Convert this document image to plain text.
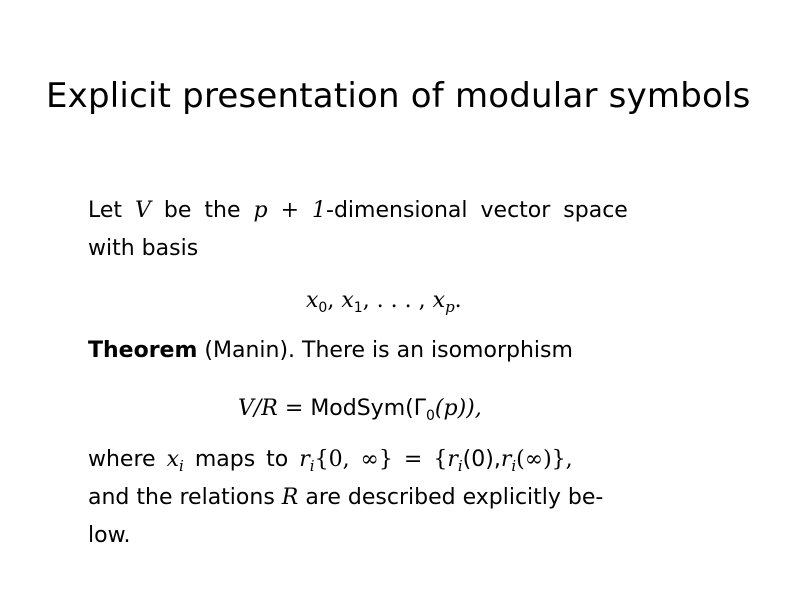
Explicit presentation of modular symbols
Let V be the p + 1-dimensional vector space
with basis
$x_0$, $x_1$, . . . , $x_p$.
Theorem (Manin). There is an isomorphism
$V/R = ModSym(\Gamma_0(p))$,
where $x_i$ maps to $r_i\{0$, ∞} = $\{r_i(0),r_i(\infty)\}$,
and the relations R are described explicitly be-
low.
